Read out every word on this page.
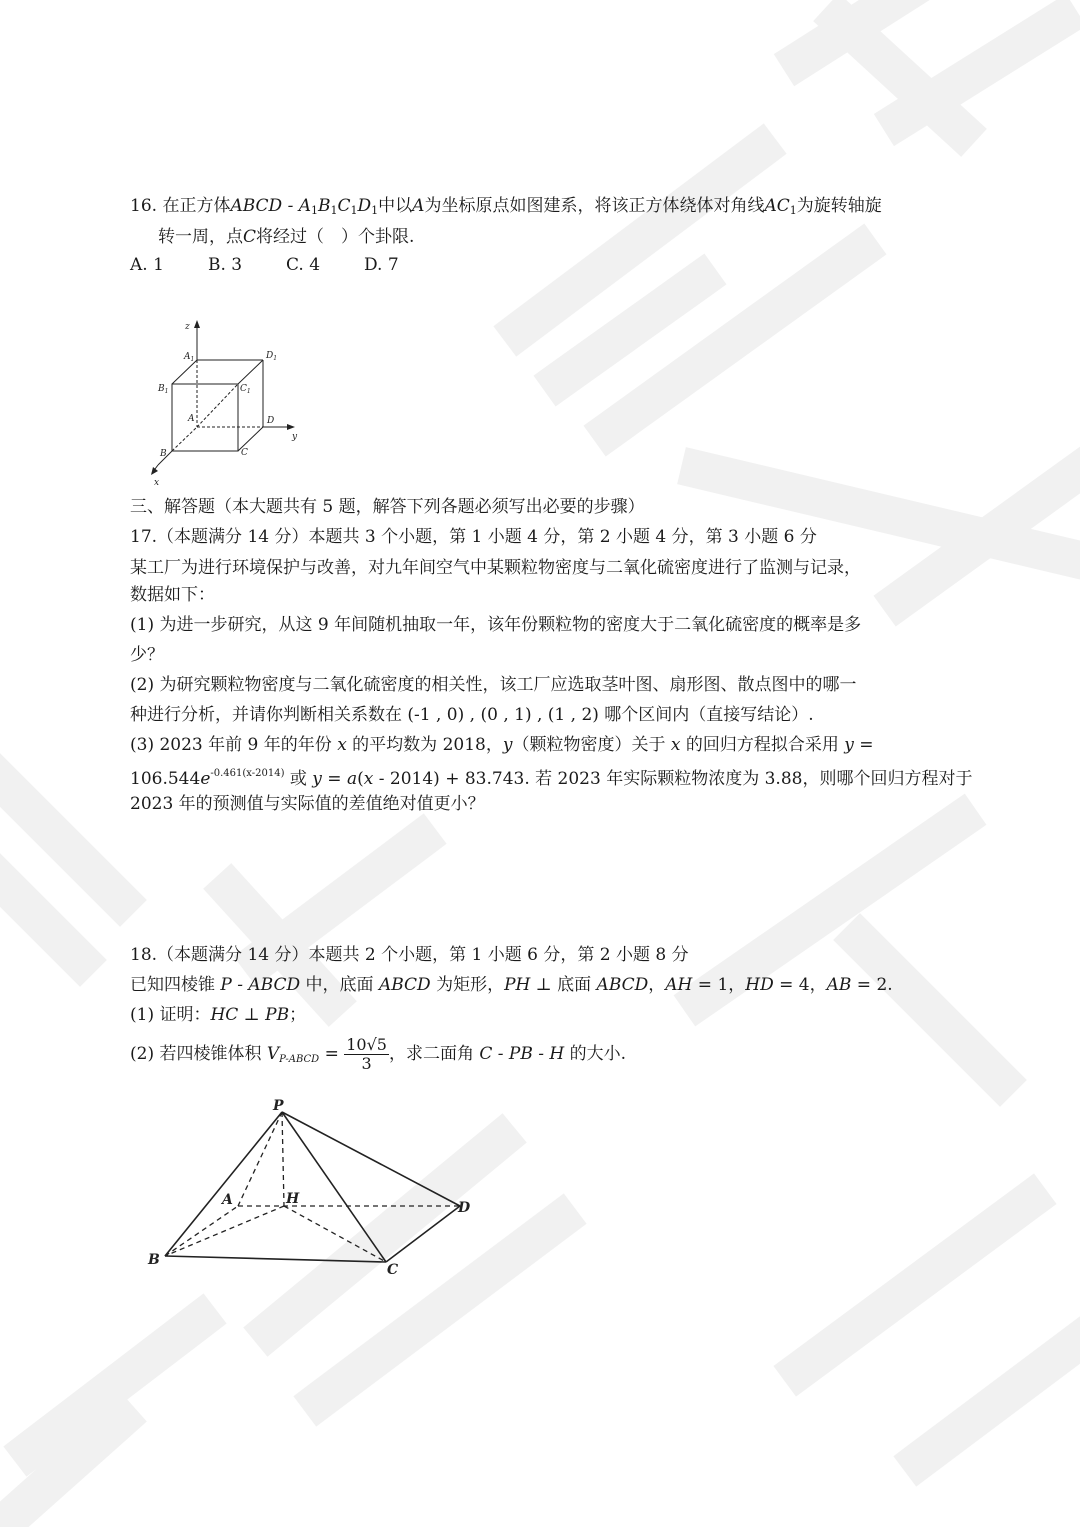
16. 在正方体ABCD - $A_1B_1C_1D_1$中以A为坐标原点如图建系，将该正方体绕体对角线$AC_1$为旋转轴旋
转一周，点C将经过（　）个卦限.
A. 1	B. 3	C. 4	D. 7
z
y
x
$A_1$	$D_1$
$B_1$	$C_1$
A	D
B	C
三、解答题（本大题共有 5 题，解答下列各题必须写出必要的步骤）
17.（本题满分 14 分）本题共 3 个小题，第 1 小题 4 分，第 2 小题 4 分，第 3 小题 6 分
某工厂为进行环境保护与改善，对九年间空气中某颗粒物密度与二氧化硫密度进行了监测与记录，
数据如下：
(1) 为进一步研究，从这 9 年间随机抽取一年，该年份颗粒物的密度大于二氧化硫密度的概率是多
少？
(2) 为研究颗粒物密度与二氧化硫密度的相关性，该工厂应选取茎叶图、扇形图、散点图中的哪一
种进行分析，并请你判断相关系数在 (-1 , 0) , (0 , 1) , (1 , 2) 哪个区间内（直接写结论）.
(3) 2023 年前 9 年的年份 x 的平均数为 2018，y（颗粒物密度）关于 x 的回归方程拟合采用 y =
$106.544e^{-0.461(x-2014)}$ 或 y = a(x - 2014) + 83.743. 若 2023 年实际颗粒物浓度为 3.88，则哪个回归方程对于
2023 年的预测值与实际值的差值绝对值更小？
18.（本题满分 14 分）本题共 2 个小题，第 1 小题 6 分，第 2 小题 8 分
已知四棱锥 P - ABCD 中，底面 ABCD 为矩形，PH ⊥ 底面 ABCD，AH = 1，HD = 4，AB = 2.
(1) 证明：HC ⊥ PB；
(2) 若四棱锥体积 $V_{P-ABCD} = \frac{10√5}{3}$ ，求二面角 C - PB - H 的大小.
P
A	H
D
B
C
